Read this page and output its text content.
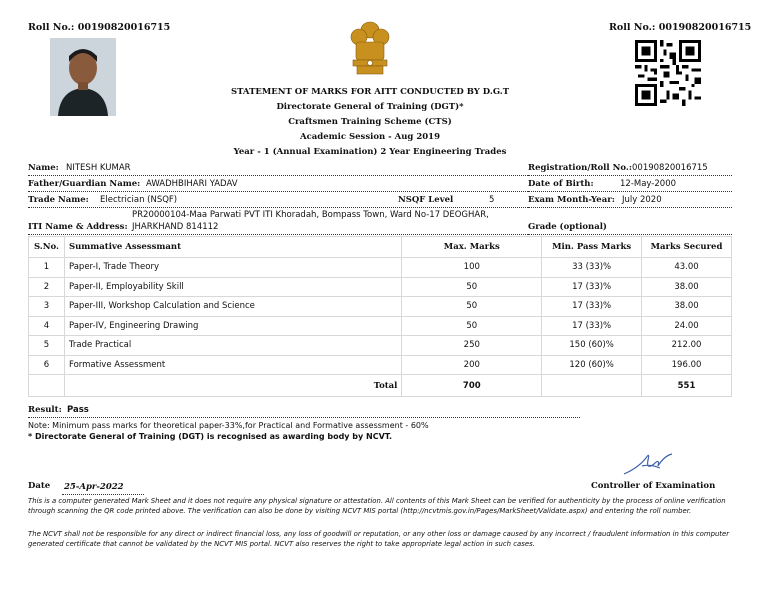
Roll No.: 00190820016715	Roll No.: 00190820016715
STATEMENT OF MARKS FOR AITT CONDUCTED BY D.G.T
Directorate General of Training (DGT)*
Craftsmen Training Scheme (CTS)
Academic Session - Aug 2019
Year - 1 (Annual Examination) 2 Year Engineering Trades
Name: NITESH KUMAR	Registration/Roll No.: 00190820016715
Father/Guardian Name: AWADHBIHARI YADAV	Date of Birth:	12-May-2000
Trade Name: Electrician (NSQF)	NSQF Level	5	Exam Month-Year: July 2020
PR20000104-Maa Parwati PVT ITI Khoradah, Bompass Town, Ward No-17 DEOGHAR,
ITI Name & Address: JHARKHAND 814112	Grade (optional)
S.No.	Summative Assessmant	Max. Marks	Min. Pass Marks	Marks Secured
1	Paper-I, Trade Theory	100	33 (33)%	43.00
2	Paper-II, Employability Skill	50	17 (33)%	38.00
3	Paper-III, Workshop Calculation and Science	50	17 (33)%	38.00
4	Paper-IV, Engineering Drawing	50	17 (33)%	24.00
5	Trade Practical	250	150 (60)%	212.00
6	Formative Assessment	200	120 (60)%	196.00
	Total	700		551
Result: Pass
Note: Minimum pass marks for theoretical paper-33%,for Practical and Formative assessment - 60%
* Directorate General of Training (DGT) is recognised as awarding body by NCVT.
Controller of Examination
Date 25-Apr-2022
This is a computer generated Mark Sheet and it does not require any physical signature or attestation. All contents of this Mark Sheet can be verified for authenticity by the process of online verification through scanning the QR code printed above. The verification can also be done by visiting NCVT MIS portal (http://ncvtmis.gov.in/Pages/MarkSheet/Validate.aspx) and entering the roll number.
The NCVT shall not be responsible for any direct or indirect financial loss, any loss of goodwill or reputation, or any other loss or damage caused by any incorrect / fraudulent information in this computer generated certificate that cannot be validated by the NCVT MIS portal. NCVT also reserves the right to take appropriate legal action in such cases.
